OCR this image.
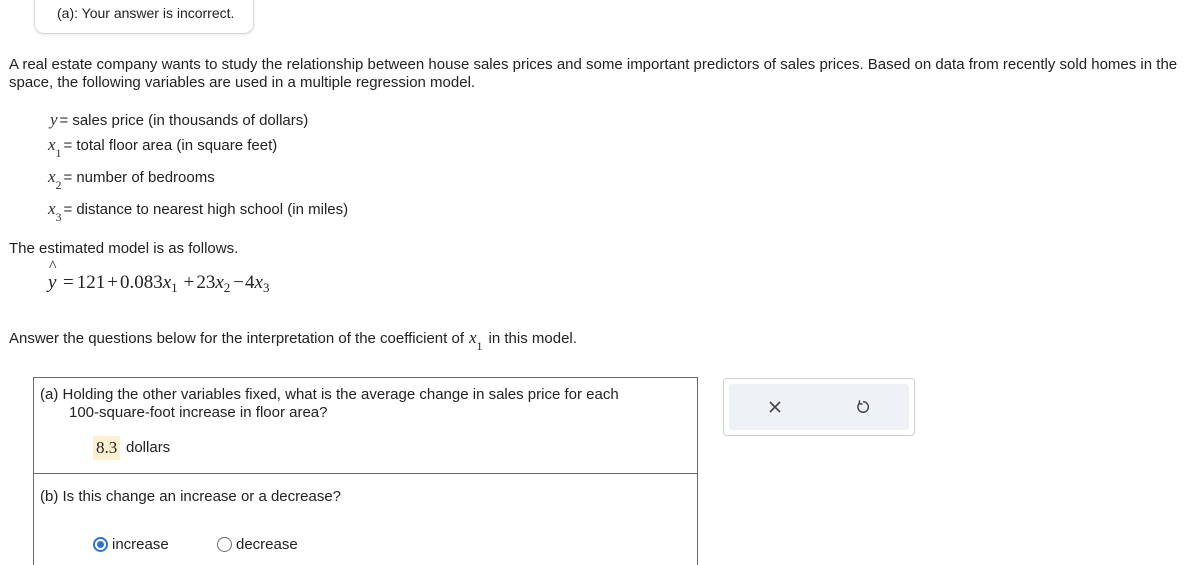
(a): Your answer is incorrect.
A real estate company wants to study the relationship between house sales prices and some important predictors of sales prices. Based on data from recently sold homes in the space, the following variables are used in a multiple regression model.
y = sales price (in thousands of dollars)
$x_1$ = total floor area (in square feet)
$x_2$ = number of bedrooms
$x_3$ = distance to nearest high school (in miles)
The estimated model is as follows.
^
y = 121 + 0.083 $x_1 + 23$ $x_2 - 4$ $x_3$
Answer the questions below for the interpretation of the coefficient of $x_1$ in this model.
(a) Holding the other variables fixed, what is the average change in sales price for each
100-square-foot increase in floor area?
8.3 dollars
(b) Is this change an increase or a decrease?
increase	decrease
